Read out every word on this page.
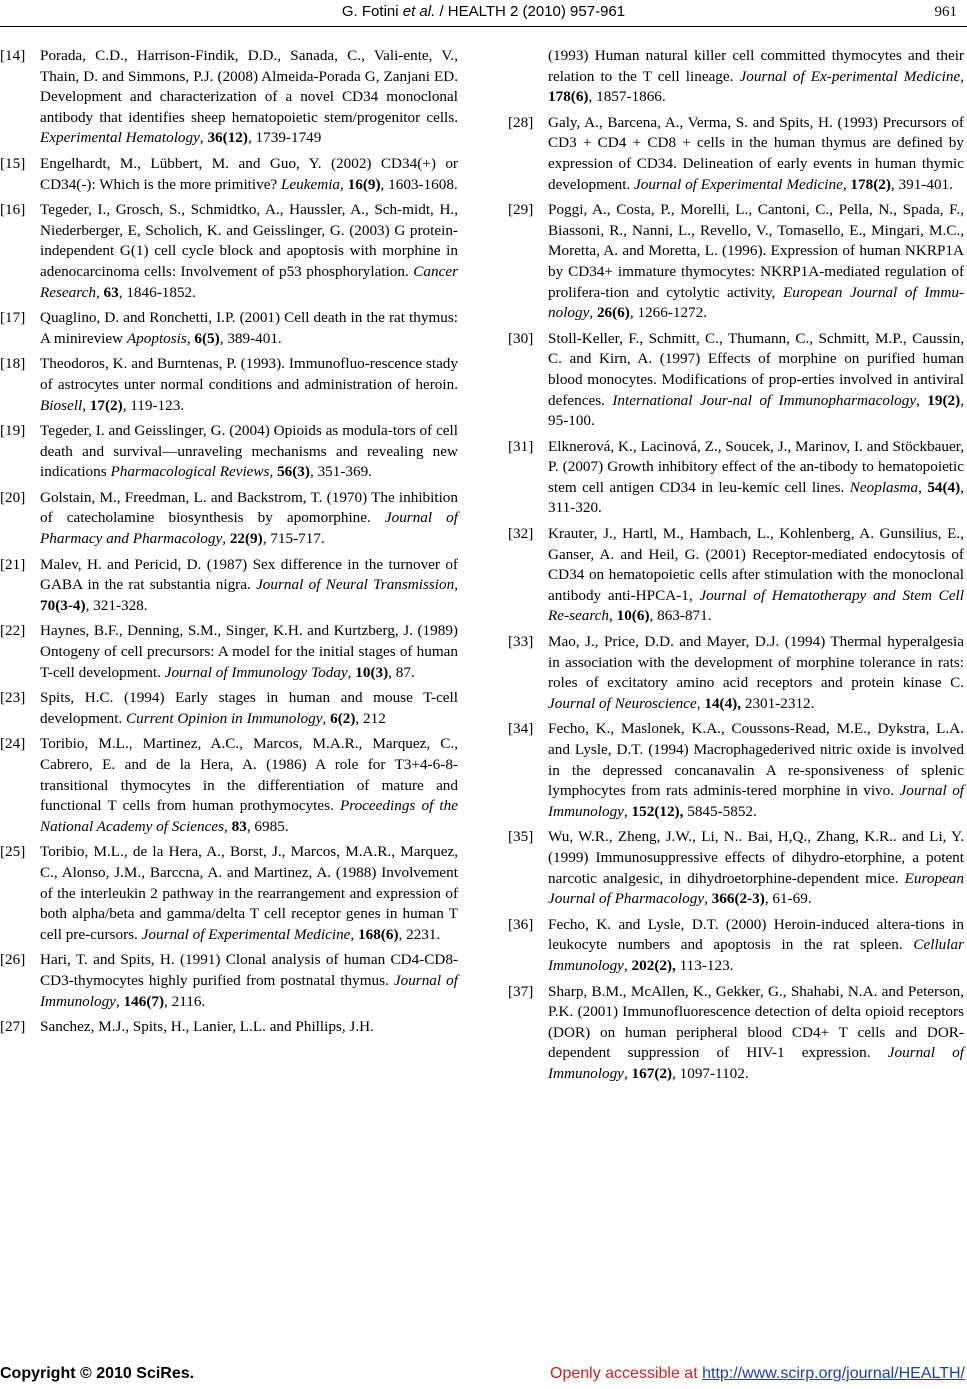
G. Fotini et al. / HEALTH 2 (2010) 957-961	961
[14] Porada, C.D., Harrison-Findik, D.D., Sanada, C., Vali-ente, V., Thain, D. and Simmons, P.J. (2008) Almeida-Porada G, Zanjani ED. Development and characterization of a novel CD34 monoclonal antibody that identifies sheep hematopoietic stem/progenitor cells. Experimental Hematology, 36(12), 1739-1749
[15] Engelhardt, M., Lübbert, M. and Guo, Y. (2002) CD34(+) or CD34(-): Which is the more primitive? Leukemia, 16(9), 1603-1608.
[16] Tegeder, I., Grosch, S., Schmidtko, A., Haussler, A., Sch-midt, H., Niederberger, E, Scholich, K. and Geisslinger, G. (2003) G protein-independent G(1) cell cycle block and apoptosis with morphine in adenocarcinoma cells: Involvement of p53 phosphorylation. Cancer Research, 63, 1846-1852.
[17] Quaglino, D. and Ronchetti, I.P. (2001) Cell death in the rat thymus: A minireview Apoptosis, 6(5), 389-401.
[18] Theodoros, K. and Burntenas, P. (1993). Immunofluo-rescence stady of astrocytes unter normal conditions and administration of heroin. Biosell, 17(2), 119-123.
[19] Tegeder, I. and Geisslinger, G. (2004) Opioids as modula-tors of cell death and survival—unraveling mechanisms and revealing new indications Pharmacological Reviews, 56(3), 351-369.
[20] Golstain, M., Freedman, L. and Backstrom, T. (1970) The inhibition of catecholamine biosynthesis by apomorphine. Journal of Pharmacy and Pharmacology, 22(9), 715-717.
[21] Malev, H. and Pericid, D. (1987) Sex difference in the turnover of GABA in the rat substantia nigra. Journal of Neural Transmission, 70(3-4), 321-328.
[22] Haynes, B.F., Denning, S.M., Singer, K.H. and Kurtzberg, J. (1989) Ontogeny of cell precursors: A model for the initial stages of human T-cell development. Journal of Immunology Today, 10(3), 87.
[23] Spits, H.C. (1994) Early stages in human and mouse T-cell development. Current Opinion in Immunology, 6(2), 212
[24] Toribio, M.L., Martinez, A.C., Marcos, M.A.R., Marquez, C., Cabrero, E. and de la Hera, A. (1986) A role for T3+4-6-8-transitional thymocytes in the differentiation of mature and functional T cells from human prothymocytes. Proceedings of the National Academy of Sciences, 83, 6985.
[25] Toribio, M.L., de la Hera, A., Borst, J., Marcos, M.A.R., Marquez, C., Alonso, J.M., Barccna, A. and Martinez, A. (1988) Involvement of the interleukin 2 pathway in the rearrangement and expression of both alpha/beta and gamma/delta T cell receptor genes in human T cell pre-cursors. Journal of Experimental Medicine, 168(6), 2231.
[26] Hari, T. and Spits, H. (1991) Clonal analysis of human CD4-CD8-CD3-thymocytes highly purified from postnatal thymus. Journal of Immunology, 146(7), 2116.
[27] Sanchez, M.J., Spits, H., Lanier, L.L. and Phillips, J.H.
(1993) Human natural killer cell committed thymocytes and their relation to the T cell lineage. Journal of Ex-perimental Medicine, 178(6), 1857-1866.
[28] Galy, A., Barcena, A., Verma, S. and Spits, H. (1993) Precursors of CD3 + CD4 + CD8 + cells in the human thymus are defined by expression of CD34. Delineation of early events in human thymic development. Journal of Experimental Medicine, 178(2), 391-401.
[29] Poggi, A., Costa, P., Morelli, L., Cantoni, C., Pella, N., Spada, F., Biassoni, R., Nanni, L., Revello, V., Tomasello, E., Mingari, M.C., Moretta, A. and Moretta, L. (1996). Expression of human NKRP1A by CD34+ immature thymocytes: NKRP1A-mediated regulation of prolifera-tion and cytolytic activity, European Journal of Immu-nology, 26(6), 1266-1272.
[30] Stoll-Keller, F., Schmitt, C., Thumann, C., Schmitt, M.P., Caussin, C. and Kirn, A. (1997) Effects of morphine on purified human blood monocytes. Modifications of prop-erties involved in antiviral defences. International Jour-nal of Immunopharmacology, 19(2), 95-100.
[31] Elknerová, K., Lacinová, Z., Soucek, J., Marinov, I. and Stöckbauer, P. (2007) Growth inhibitory effect of the an-tibody to hematopoietic stem cell antigen CD34 in leu-kemic cell lines. Neoplasma, 54(4), 311-320.
[32] Krauter, J., Hartl, M., Hambach, L., Kohlenberg, A. Gunsilius, E., Ganser, A. and Heil, G. (2001) Receptor-mediated endocytosis of CD34 on hematopoietic cells after stimulation with the monoclonal antibody anti-HPCA-1, Journal of Hematotherapy and Stem Cell Re-search, 10(6), 863-871.
[33] Mao, J., Price, D.D. and Mayer, D.J. (1994) Thermal hyperalgesia in association with the development of morphine tolerance in rats: roles of excitatory amino acid receptors and protein kinase C. Journal of Neuroscience, 14(4), 2301-2312.
[34] Fecho, K., Maslonek, K.A., Coussons-Read, M.E., Dykstra, L.A. and Lysle, D.T. (1994) Macrophagederived nitric oxide is involved in the depressed concanavalin A re-sponsiveness of splenic lymphocytes from rats adminis-tered morphine in vivo. Journal of Immunology, 152(12), 5845-5852.
[35] Wu, W.R., Zheng, J.W., Li, N.. Bai, H,Q., Zhang, K.R.. and Li, Y. (1999) Immunosuppressive effects of dihydro-etorphine, a potent narcotic analgesic, in dihydroetorphine-dependent mice. European Journal of Pharmacology, 366(2-3), 61-69.
[36] Fecho, K. and Lysle, D.T. (2000) Heroin-induced altera-tions in leukocyte numbers and apoptosis in the rat spleen. Cellular Immunology, 202(2), 113-123.
[37] Sharp, B.M., McAllen, K., Gekker, G., Shahabi, N.A. and Peterson, P.K. (2001) Immunofluorescence detection of delta opioid receptors (DOR) on human peripheral blood CD4+ T cells and DOR-dependent suppression of HIV-1 expression. Journal of Immunology, 167(2), 1097-1102.
Copyright © 2010 SciRes.	Openly accessible at http://www.scirp.org/journal/HEALTH/
